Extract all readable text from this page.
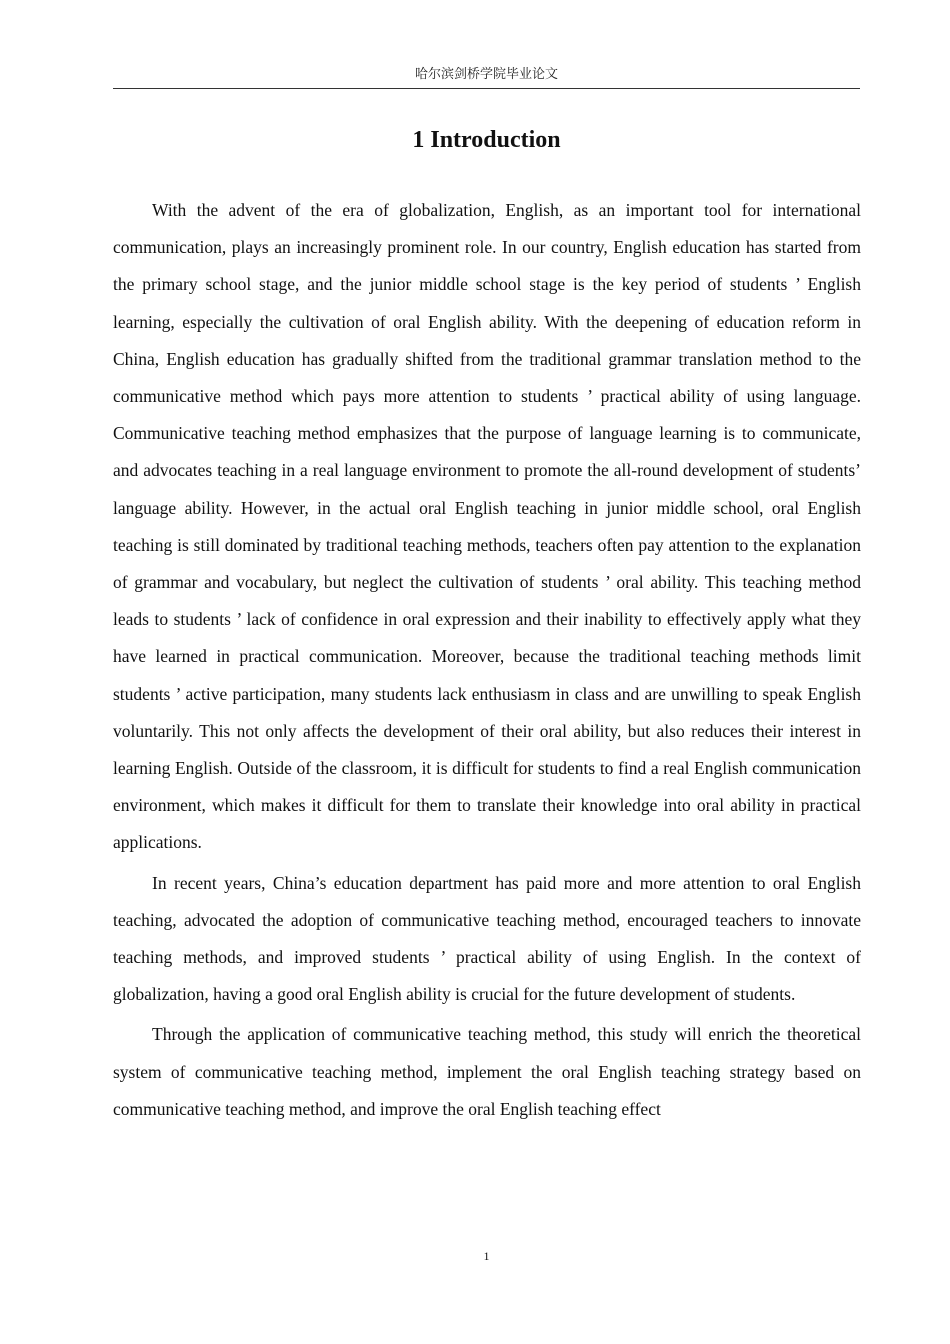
哈尔滨剑桥学院毕业论文
1 Introduction

With the advent of the era of globalization, English, as an important tool for international communication, plays an increasingly prominent role. In our country, English education has started from the primary school stage, and the junior middle school stage is the key period of students ’ English learning, especially the cultivation of oral English ability. With the deepening of education reform in China, English education has gradually shifted from the traditional grammar translation method to the communicative method which pays more attention to students ’ practical ability of using language. Communicative teaching method emphasizes that the purpose of language learning is to communicate, and advocates teaching in a real language environment to promote the all-round development of students’ language ability. However, in the actual oral English teaching in junior middle school, oral English teaching is still dominated by traditional teaching methods, teachers often pay attention to the explanation of grammar and vocabulary, but neglect the cultivation of students ’ oral ability. This teaching method leads to students ’ lack of confidence in oral expression and their inability to effectively apply what they have learned in practical communication. Moreover, because the traditional teaching methods limit students ’ active participation, many students lack enthusiasm in class and are unwilling to speak English voluntarily. This not only affects the development of their oral ability, but also reduces their interest in learning English. Outside of the classroom, it is difficult for students to find a real English communication environment, which makes it difficult for them to translate their knowledge into oral ability in practical applications.

In recent years, China’s education department has paid more and more attention to oral English teaching, advocated the adoption of communicative teaching method, encouraged teachers to innovate teaching methods, and improved students ’ practical ability of using English. In the context of globalization, having a good oral English ability is crucial for the future development of students.

Through the application of communicative teaching method, this study will enrich the theoretical system of communicative teaching method, implement the oral English teaching strategy based on communicative teaching method, and improve the oral English teaching effect

1
